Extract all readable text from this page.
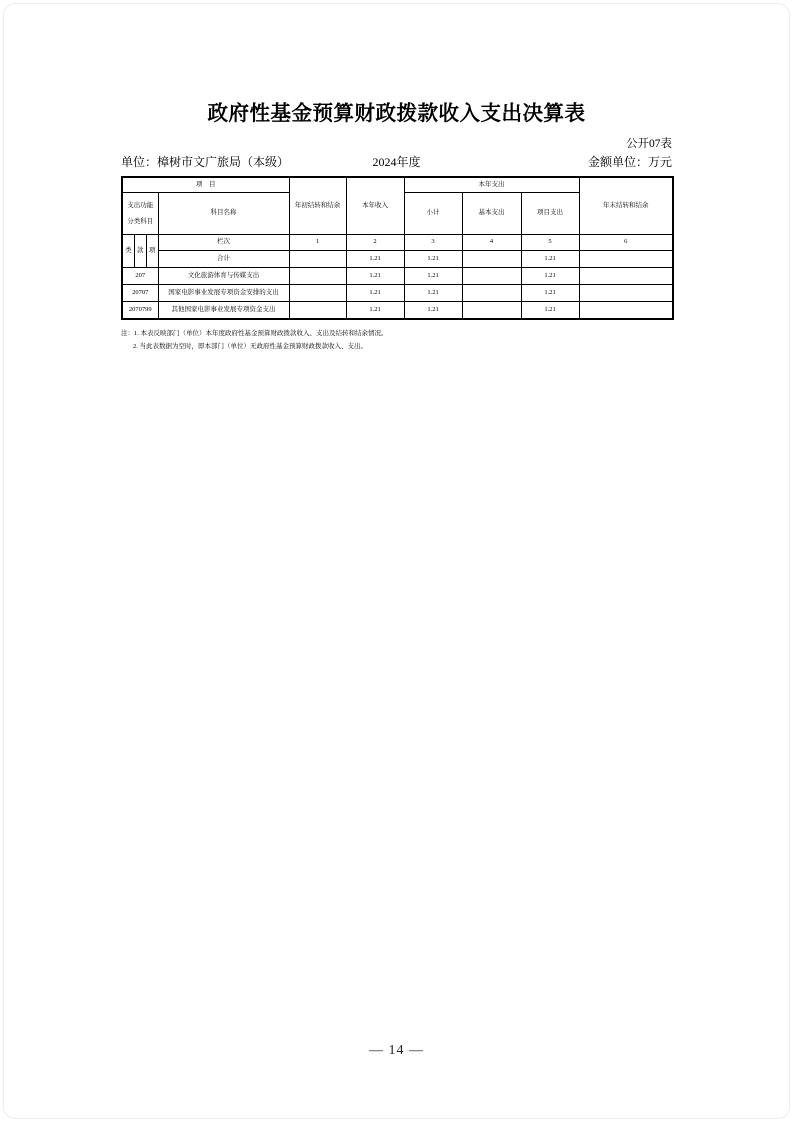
政府性基金预算财政拨款收入支出决算表
公开07表
单位：樟树市文广旅局（本级）	2024年度	金额单位：万元
项　目		年初结转和结余	本年收入	本年支出			年末结转和结余

支出功能
分类科目	科目名称			小计	基本支出	项目支出	

类 款 项	栏次	1	2	3	4	5	6
	合计		1.21	1.21		1.21	
207	文化旅游体育与传媒支出		1.21	1.21		1.21	
20707	国家电影事业发展专项资金安排的支出		1.21	1.21		1.21	
2070799	其他国家电影事业发展专项资金支出		1.21	1.21		1.21	
注：1. 本表反映部门（单位）本年度政府性基金预算财政拨款收入、支出及结转和结余情况。
2. 当此表数据为空时，即本部门（单位）无政府性基金预算财政拨款收入、支出。
— 14 —
